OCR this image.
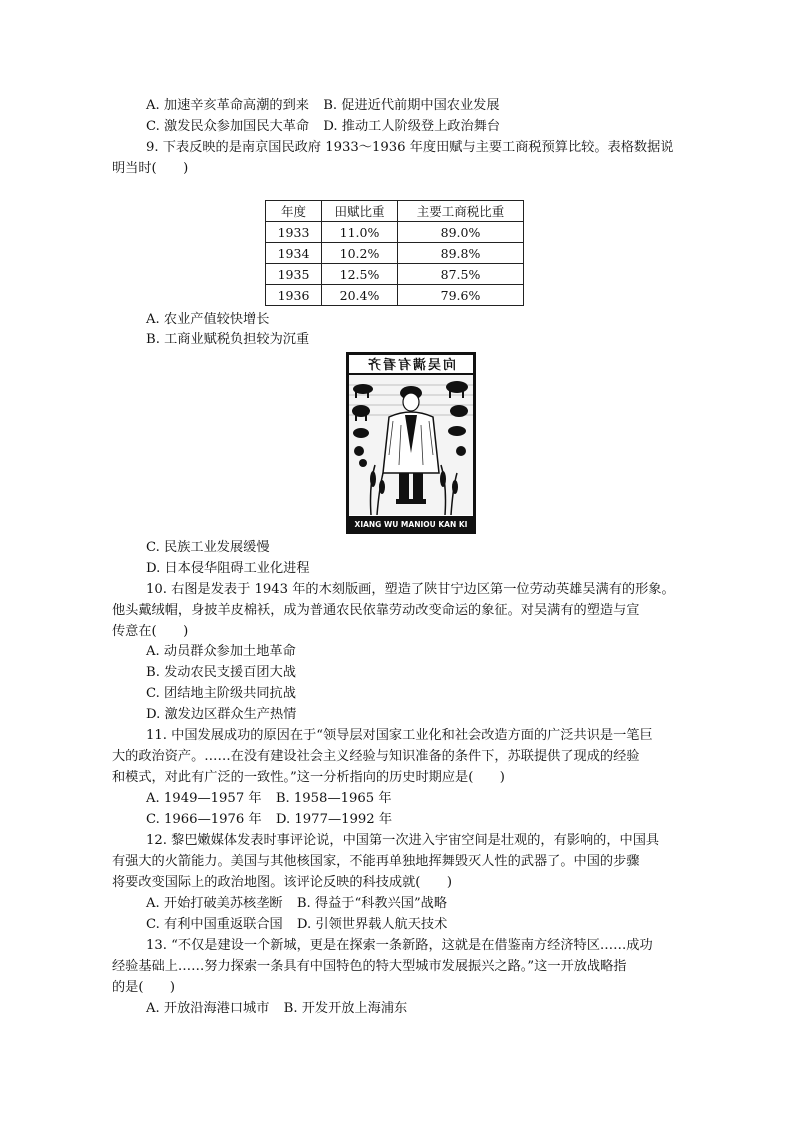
A. 加速辛亥革命高潮的到来 B. 促进近代前期中国农业发展
C. 激发民众参加国民大革命 D. 推动工人阶级登上政治舞台
9. 下表反映的是南京国民政府 1933～1936 年度田赋与主要工商税预算比较。表格数据说
明当时(　　)
年度	田赋比重	主要工商税比重
1933	11.0%	89.0%
1934	10.2%	89.8%
1935	12.5%	87.5%
1936	20.4%	79.6%
A. 农业产值较快增长
B. 工商业赋税负担较为沉重
向吴满有看齐
XIANG WU MANIOU KAN KI
C. 民族工业发展缓慢
D. 日本侵华阻碍工业化进程
10. 右图是发表于 1943 年的木刻版画，塑造了陕甘宁边区第一位劳动英雄吴满有的形象。
他头戴绒帽，身披羊皮棉袄，成为普通农民依靠劳动改变命运的象征。对吴满有的塑造与宣
传意在(　　)
A. 动员群众参加土地革命
B. 发动农民支援百团大战
C. 团结地主阶级共同抗战
D. 激发边区群众生产热情
11. 中国发展成功的原因在于“领导层对国家工业化和社会改造方面的广泛共识是一笔巨
大的政治资产。……在没有建设社会主义经验与知识准备的条件下，苏联提供了现成的经验
和模式，对此有广泛的一致性。”这一分析指向的历史时期应是(　　)
A. 1949—1957 年 B. 1958—1965 年
C. 1966—1976 年 D. 1977—1992 年
12. 黎巴嫩媒体发表时事评论说，中国第一次进入宇宙空间是壮观的，有影响的，中国具
有强大的火箭能力。美国与其他核国家，不能再单独地挥舞毁灭人性的武器了。中国的步骤
将要改变国际上的政治地图。该评论反映的科技成就(　　)
A. 开始打破美苏核垄断 B. 得益于“科教兴国”战略
C. 有利中国重返联合国 D. 引领世界载人航天技术
13. “不仅是建设一个新城，更是在探索一条新路，这就是在借鉴南方经济特区……成功
经验基础上……努力探索一条具有中国特色的特大型城市发展振兴之路。”这一开放战略指
的是(　　)
A. 开放沿海港口城市 B. 开发开放上海浦东
